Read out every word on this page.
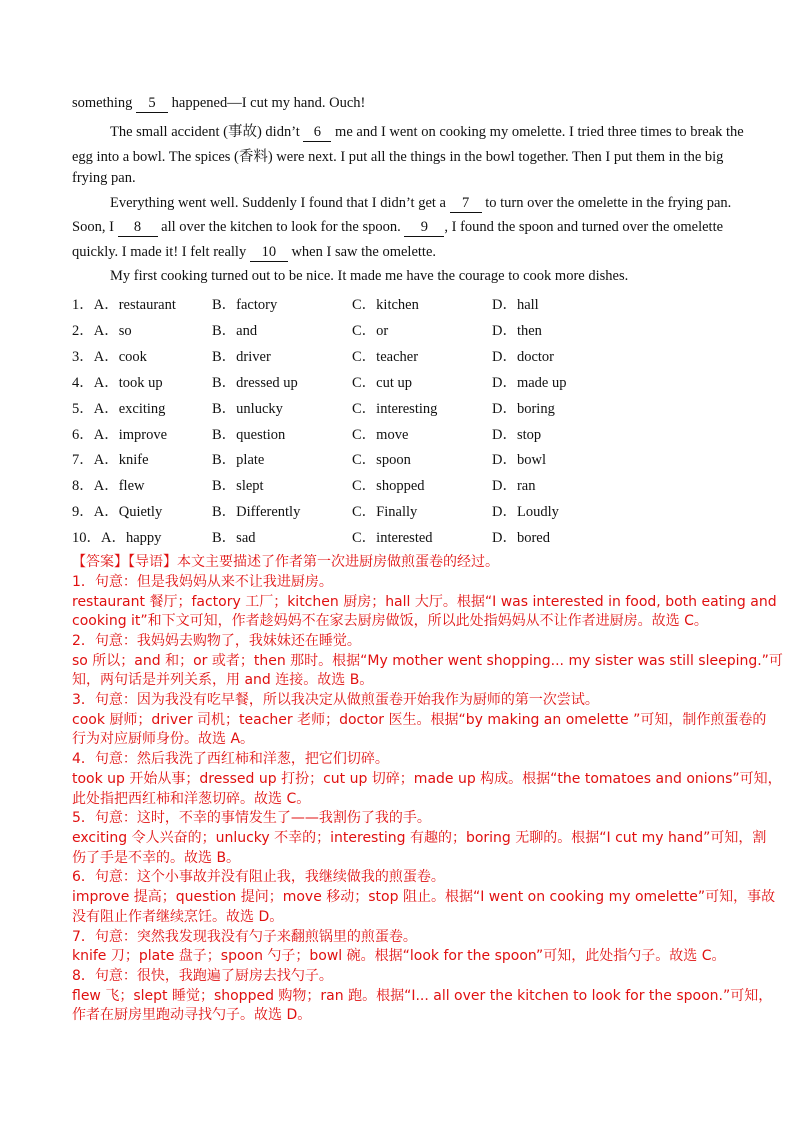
something 5 happened—I cut my hand. Ouch!
The small accident (事故) didn’t 6 me and I went on cooking my omelette. I tried three times to break the
egg into a bowl. The spices (香料) were next. I put all the things in the bowl together. Then I put them in the big
frying pan.
Everything went well. Suddenly I found that I didn’t get a 7 to turn over the omelette in the frying pan.
Soon, I 8 all over the kitchen to look for the spoon. 9 , I found the spoon and turned over the omelette
quickly. I made it! I felt really 10 when I saw the omelette.
My first cooking turned out to be nice. It made me have the courage to cook more dishes.
1．A．restaurant B．factory	C．kitchen	D．hall
2．A．so	B．and	C．or	D．then
3．A．cook	B．driver	C．teacher	D．doctor
4．A．took up	B．dressed up	C．cut up	D．made up
5．A．exciting	B．unlucky	C．interesting	D．boring
6．A．improve	B．question	C．move	D．stop
7．A．knife	B．plate	C．spoon	D．bowl
8．A．flew	B．slept	C．shopped	D．ran
9．A．Quietly	B．Differently	C．Finally	D．Loudly
10．A．happy	B．sad	C．interested	D．bored
【答案】【导语】本文主要描述了作者第一次进厨房做煎蛋卷的经过。
1．句意：但是我妈妈从来不让我进厨房。
restaurant 餐厅；factory 工厂；kitchen 厨房；hall 大厅。根据“I was interested in food, both eating and
cooking it”和下文可知，作者趁妈妈不在家去厨房做饭，所以此处指妈妈从不让作者进厨房。故选 C。
2．句意：我妈妈去购物了，我妹妹还在睡觉。
so 所以；and 和；or 或者；then 那时。根据“My mother went shopping... my sister was still sleeping.”可
知，两句话是并列关系，用 and 连接。故选 B。
3．句意：因为我没有吃早餐，所以我决定从做煎蛋卷开始我作为厨师的第一次尝试。
cook 厨师；driver 司机；teacher 老师；doctor 医生。根据“by making an omelette ”可知，制作煎蛋卷的
行为对应厨师身份。故选 A。
4．句意：然后我洗了西红柿和洋葱，把它们切碎。
took up 开始从事；dressed up 打扮；cut up 切碎；made up 构成。根据“the tomatoes and onions”可知，
此处指把西红柿和洋葱切碎。故选 C。
5．句意：这时，不幸的事情发生了——我割伤了我的手。
exciting 令人兴奋的；unlucky 不幸的；interesting 有趣的；boring 无聊的。根据“I cut my hand”可知，割
伤了手是不幸的。故选 B。
6．句意：这个小事故并没有阻止我，我继续做我的煎蛋卷。
improve 提高；question 提问；move 移动；stop 阻止。根据“I went on cooking my omelette”可知，事故
没有阻止作者继续烹饪。故选 D。
7．句意：突然我发现我没有勺子来翻煎锅里的煎蛋卷。
knife 刀；plate 盘子；spoon 勺子；bowl 碗。根据“look for the spoon”可知，此处指勺子。故选 C。
8．句意：很快，我跑遍了厨房去找勺子。
flew 飞；slept 睡觉；shopped 购物；ran 跑。根据“I... all over the kitchen to look for the spoon.”可知，
作者在厨房里跑动寻找勺子。故选 D。
